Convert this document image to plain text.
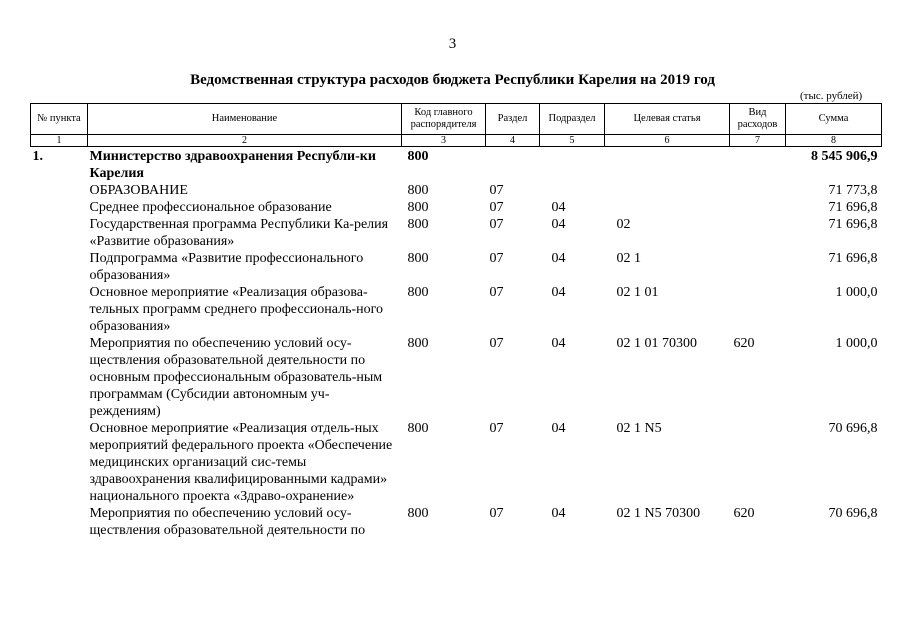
3
Ведомственная структура расходов бюджета Республики Карелия на 2019 год
(тыс. рублей)
№ пункта	Наименование	Код главного распорядителя	Раздел	Подраздел	Целевая статья	Вид расходов	Сумма
1	2	3	4	5	6	7	8
1.	Министерство здравоохранения Республи-ки Карелия	800					8 545 906,9
	ОБРАЗОВАНИЕ	800	07				71 773,8
	Среднее профессиональное образование	800	07	04			71 696,8
	Государственная программа Республики Ка-релия «Развитие образования»	800	07	04	02		71 696,8
	Подпрограмма «Развитие профессионального образования»	800	07	04	02 1		71 696,8
	Основное мероприятие «Реализация образова-тельных программ среднего профессиональ-ного образования»	800	07	04	02 1 01		1 000,0
	Мероприятия по обеспечению условий осу-ществления образовательной деятельности по основным профессиональным образователь-ным программам (Субсидии автономным уч-реждениям)	800	07	04	02 1 01 70300	620	1 000,0
	Основное мероприятие «Реализация отдель-ных мероприятий федерального проекта «Обеспечение медицинских организаций сис-темы здравоохранения квалифицированными кадрами» национального проекта «Здраво-охранение»	800	07	04	02 1 N5		70 696,8
	Мероприятия по обеспечению условий осу-ществления образовательной деятельности по	800	07	04	02 1 N5 70300	620	70 696,8
